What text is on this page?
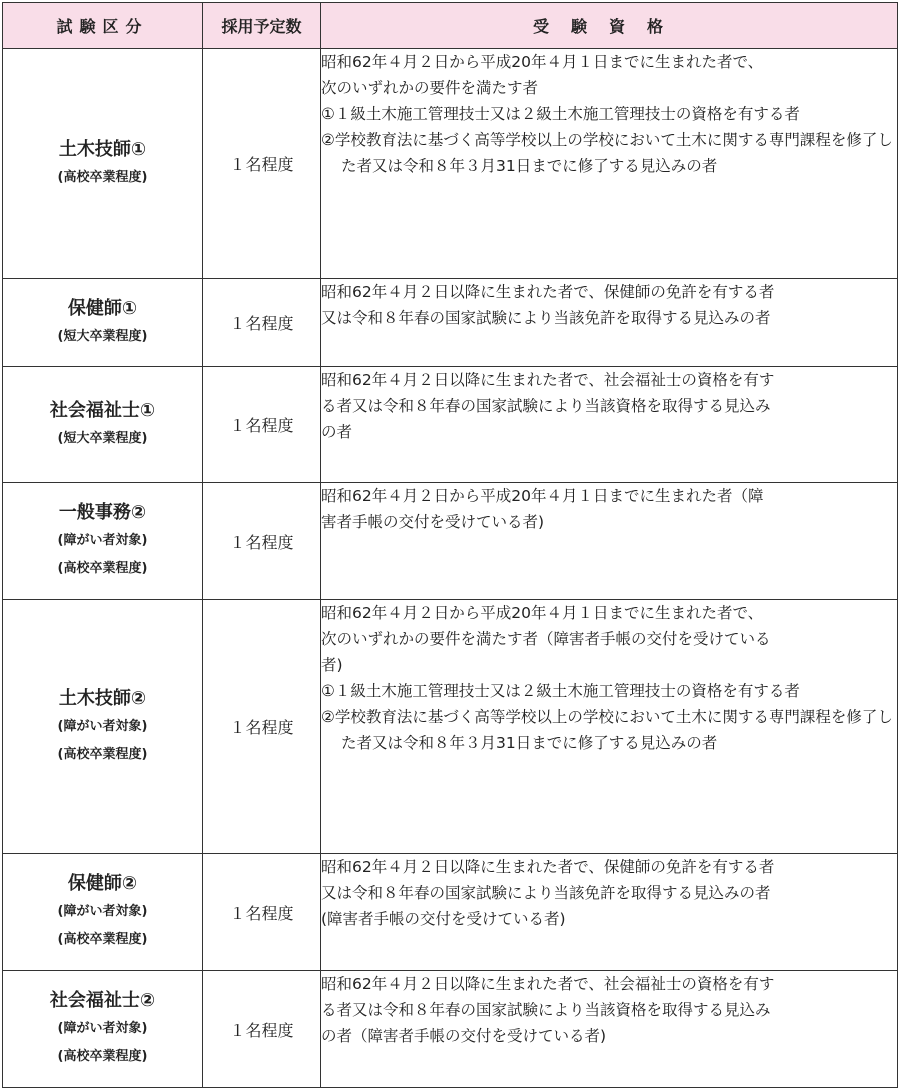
試験区分	採用予定数	受験資格

土木技師①
(高校卒業程度)	１名程度	昭和62年４月２日から平成20年４月１日までに生まれた者で、
次のいずれかの要件を満たす者
①１級土木施工管理技士又は２級土木施工管理技士の資格を有する者
②学校教育法に基づく高等学校以上の学校において土木に関する専門課程を修了した者又は令和８年３月31日までに修了する見込みの者

保健師①
(短大卒業程度)	１名程度	昭和62年４月２日以降に生まれた者で、保健師の免許を有する者
又は令和８年春の国家試験により当該免許を取得する見込みの者

社会福祉士①
(短大卒業程度)	１名程度	昭和62年４月２日以降に生まれた者で、社会福祉士の資格を有す
る者又は令和８年春の国家試験により当該資格を取得する見込み
の者

一般事務②
(障がい者対象)
(高校卒業程度)	１名程度	昭和62年４月２日から平成20年４月１日までに生まれた者（障
害者手帳の交付を受けている者)

土木技師②
(障がい者対象)
(高校卒業程度)	１名程度	昭和62年４月２日から平成20年４月１日までに生まれた者で、
次のいずれかの要件を満たす者（障害者手帳の交付を受けている
者)
①１級土木施工管理技士又は２級土木施工管理技士の資格を有する者
②学校教育法に基づく高等学校以上の学校において土木に関する専門課程を修了した者又は令和８年３月31日までに修了する見込みの者

保健師②
(障がい者対象)
(高校卒業程度)	１名程度	昭和62年４月２日以降に生まれた者で、保健師の免許を有する者
又は令和８年春の国家試験により当該免許を取得する見込みの者
(障害者手帳の交付を受けている者)

社会福祉士②
(障がい者対象)
(高校卒業程度)	１名程度	昭和62年４月２日以降に生まれた者で、社会福祉士の資格を有す
る者又は令和８年春の国家試験により当該資格を取得する見込み
の者（障害者手帳の交付を受けている者)
